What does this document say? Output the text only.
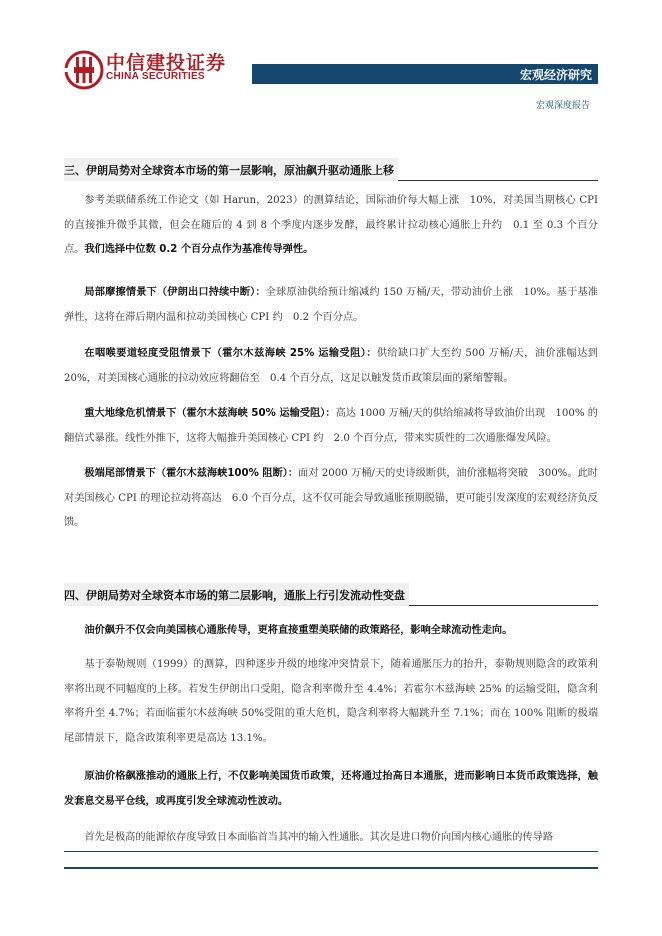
中信建投证券
CHINA SECURITIES	宏观经济研究
宏观深度报告
三、伊朗局势对全球资本市场的第一层影响，原油飙升驱动通胀上移
参考美联储系统工作论文（如 Harun，2023）的测算结论，国际油价每大幅上涨　10%，对美国当期核心 CPI 的直接推升微乎其微，但会在随后的 4 到 8 个季度内逐步发酵，最终累计拉动核心通胀上升约　0.1 至 0.3 个百分点。我们选择中位数 0.2 个百分点作为基准传导弹性。
局部摩擦情景下（伊朗出口持续中断）：全球原油供给预计缩减约 150 万桶/天，带动油价上涨　10%。基于基准弹性，这将在滞后期内温和拉动美国核心 CPI 约　0.2 个百分点。
在咽喉要道轻度受阻情景下（霍尔木兹海峡 25% 运输受阻）：供给缺口扩大至约 500 万桶/天，油价涨幅达到　20%，对美国核心通胀的拉动效应将翻倍至　0.4 个百分点，这足以触发货币政策层面的紧缩警報。
重大地缘危机情景下（霍尔木兹海峡 50% 运输受阻）：高达 1000 万桶/天的供给缩减将导致油价出现　100% 的翻倍式暴涨。线性外推下，这将大幅推升美国核心 CPI 约　2.0 个百分点，带来实质性的二次通胀爆发风险。
极端尾部情景下（霍尔木兹海峡100% 阻断）：面对 2000 万桶/天的史诗级断供，油价涨幅将突破　300%。此时对美国核心 CPI 的理论拉动将高达　6.0 个百分点，这不仅可能会导致通胀预期脱锚，更可能引发深度的宏观经济负反馈。
四、伊朗局势对全球资本市场的第二层影响，通胀上行引发流动性变盘
油价飙升不仅会向美国核心通胀传导，更将直接重塑美联储的政策路径，影响全球流动性走向。
基于泰勒规则（1999）的测算，四种逐步升级的地缘冲突情景下，随着通胀压力的抬升，泰勒规则隐含的政策利率将出现不同幅度的上移。若发生伊朗出口受阻，隐含利率微升至 4.4%；若霍尔木兹海峡 25% 的运输受阻，隐含利率将升至 4.7%；若面临霍尔木兹海峡 50%受阻的重大危机，隐含利率将大幅跳升至 7.1%；而在 100% 阻断的极端尾部情景下，隐含政策利率更是高达 13.1%。
原油价格飙涨推动的通胀上行，不仅影响美国货币政策，还将通过抬高日本通胀，进而影响日本货币政策选择，触发套息交易平仓线，或再度引发全球流动性波动。
首先是极高的能源依存度导致日本面临首当其冲的输入性通胀。其次是进口物价向国内核心通胀的传导路
